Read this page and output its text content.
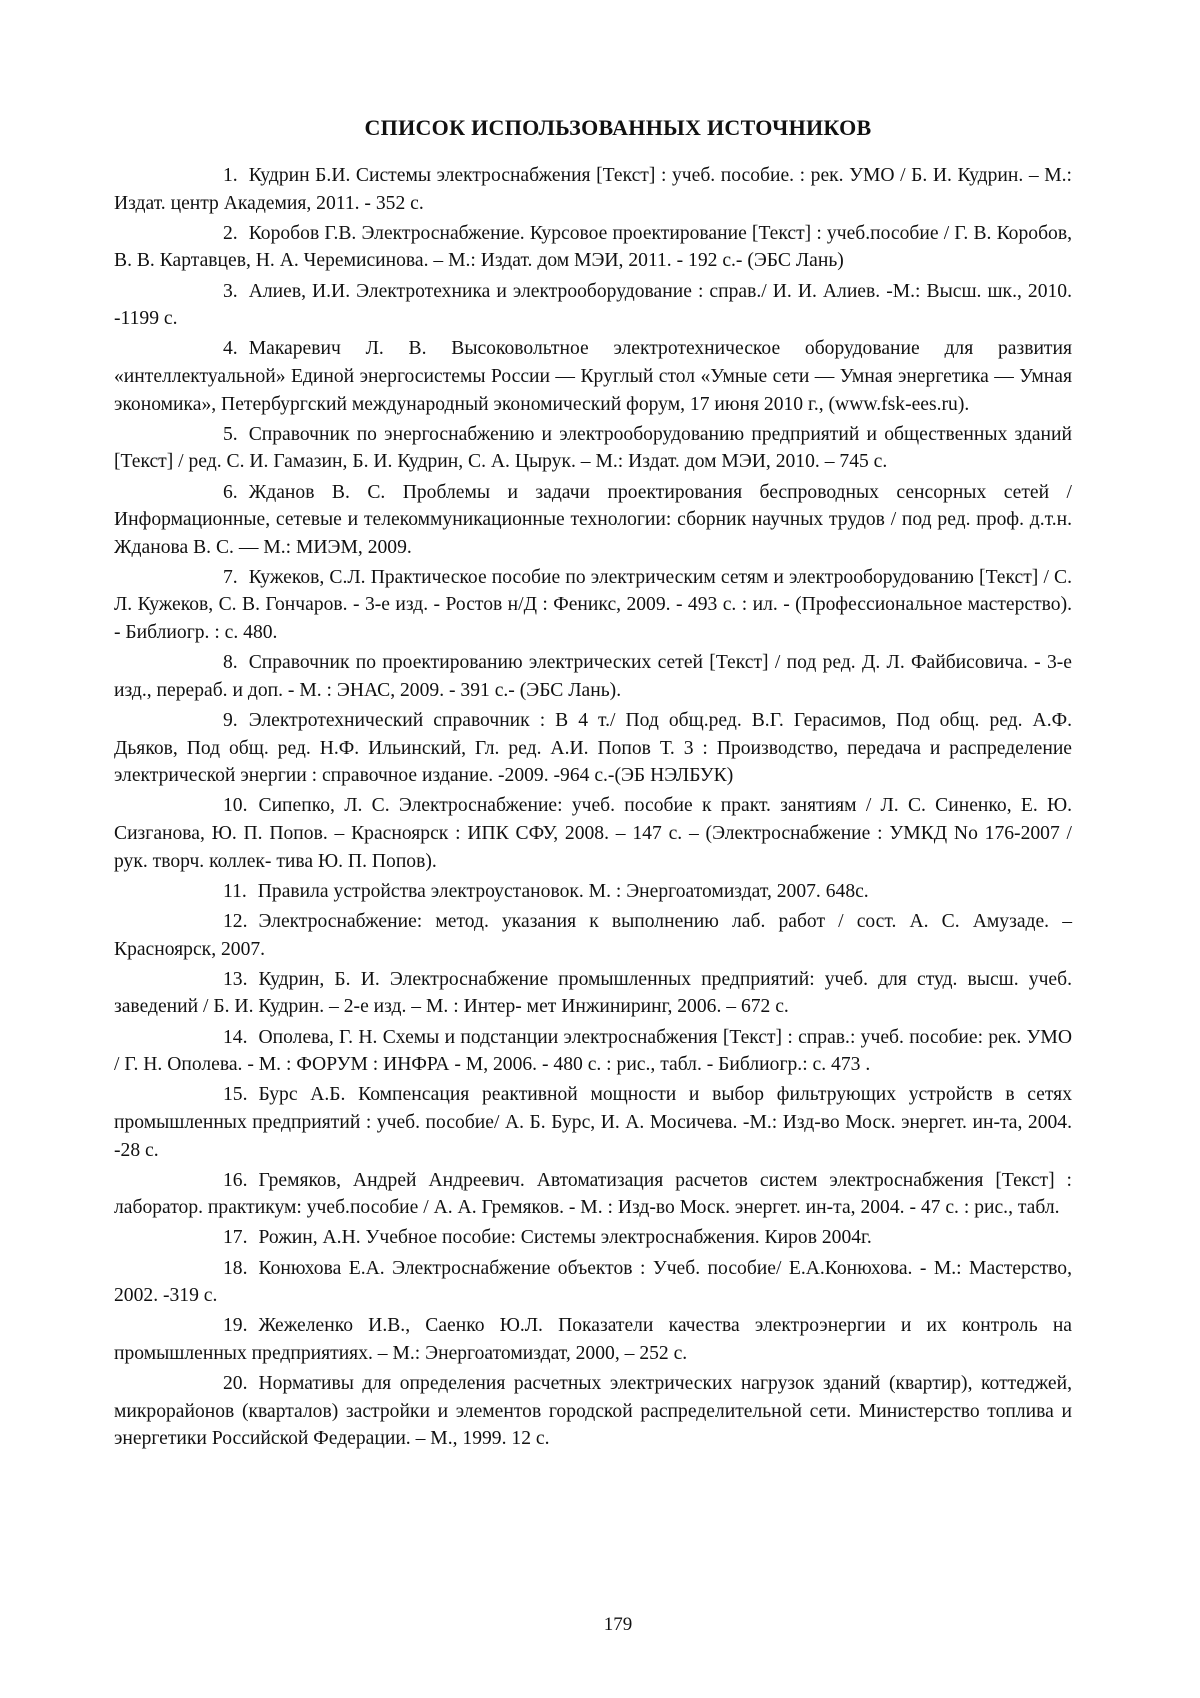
СПИСОК ИСПОЛЬЗОВАННЫХ ИСТОЧНИКОВ
1. Кудрин Б.И. Системы электроснабжения [Текст] : учеб. пособие. : рек. УМО / Б. И. Кудрин. – М.: Издат. центр Академия, 2011. - 352 с.
2. Коробов Г.В. Электроснабжение. Курсовое проектирование [Текст] : учеб.пособие / Г. В. Коробов, В. В. Картавцев, Н. А. Черемисинова. – М.: Издат. дом МЭИ, 2011. - 192 с.- (ЭБС Лань)
3. Алиев, И.И. Электротехника и электрооборудование : справ./ И. И. Алиев. -М.: Высш. шк., 2010. -1199 с.
4. Макаревич Л. В. Высоковольтное электротехническое оборудование для развития «интеллектуальной» Единой энергосистемы России — Круглый стол «Умные сети — Умная энергетика — Умная экономика», Петербургский международный экономический форум, 17 июня 2010 г., (www.fsk-ees.ru).
5. Справочник по энергоснабжению и электрооборудованию предприятий и общественных зданий [Текст] / ред. С. И. Гамазин, Б. И. Кудрин, С. А. Цырук. – М.: Издат. дом МЭИ, 2010. – 745 с.
6. Жданов В. С. Проблемы и задачи проектирования беспроводных сенсорных сетей / Информационные, сетевые и телекоммуникационные технологии: сборник научных трудов / под ред. проф. д.т.н. Жданова В. С. — М.: МИЭМ, 2009.
7. Кужеков, С.Л. Практическое пособие по электрическим сетям и электрооборудованию [Текст] / С. Л. Кужеков, С. В. Гончаров. - 3-е изд. - Ростов н/Д : Феникс, 2009. - 493 с. : ил. - (Профессиональное мастерство). - Библиогр. : с. 480.
8. Справочник по проектированию электрических сетей [Текст] / под ред. Д. Л. Файбисовича. - 3-е изд., перераб. и доп. - М. : ЭНАС, 2009. - 391 с.- (ЭБС Лань).
9. Электротехнический справочник : В 4 т./ Под общ.ред. В.Г. Герасимов, Под общ. ред. А.Ф. Дьяков, Под общ. ред. Н.Ф. Ильинский, Гл. ред. А.И. Попов Т. 3 : Производство, передача и распределение электрической энергии : справочное издание. -2009. -964 с.-(ЭБ НЭЛБУК)
10. Сипепко, Л. С. Электроснабжение: учеб. пособие к практ. занятиям / Л. С. Синенко, Е. Ю. Сизганова, Ю. П. Попов. – Красноярск : ИПК СФУ, 2008. – 147 с. – (Электроснабжение : УМКД No 176-2007 / рук. творч. коллек- тива Ю. П. Попов).
11. Правила устройства электроустановок. М. : Энергоатомиздат, 2007. 648с.
12. Электроснабжение: метод. указания к выполнению лаб. работ / сост. А. С. Амузаде. – Красноярск, 2007.
13. Кудрин, Б. И. Электроснабжение промышленных предприятий: учеб. для студ. высш. учеб. заведений / Б. И. Кудрин. – 2-е изд. – М. : Интер- мет Инжиниринг, 2006. – 672 с.
14. Ополева, Г. Н. Схемы и подстанции электроснабжения [Текст] : справ.: учеб. пособие: рек. УМО / Г. Н. Ополева. - М. : ФОРУМ : ИНФРА - М, 2006. - 480 с. : рис., табл. - Библиогр.: с. 473 .
15. Бурс А.Б. Компенсация реактивной мощности и выбор фильтрующих устройств в сетях промышленных предприятий : учеб. пособие/ А. Б. Бурс, И. А. Мосичева. -М.: Изд-во Моск. энергет. ин-та, 2004. -28 с.
16. Гремяков, Андрей Андреевич. Автоматизация расчетов систем электроснабжения [Текст] : лаборатор. практикум: учеб.пособие / А. А. Гремяков. - М. : Изд-во Моск. энергет. ин-та, 2004. - 47 с. : рис., табл.
17. Рожин, А.Н. Учебное пособие: Системы электроснабжения. Киров 2004г.
18. Конюхова Е.А. Электроснабжение объектов : Учеб. пособие/ Е.А.Конюхова. - М.: Мастерство, 2002. -319 с.
19. Жежеленко И.В., Саенко Ю.Л. Показатели качества электроэнергии и их контроль на промышленных предприятиях. – М.: Энергоатомиздат, 2000, – 252 с.
20. Нормативы для определения расчетных электрических нагрузок зданий (квартир), коттеджей, микрорайонов (кварталов) застройки и элементов городской распределительной сети. Министерство топлива и энергетики Российской Федерации. – М., 1999. 12 с.
179
